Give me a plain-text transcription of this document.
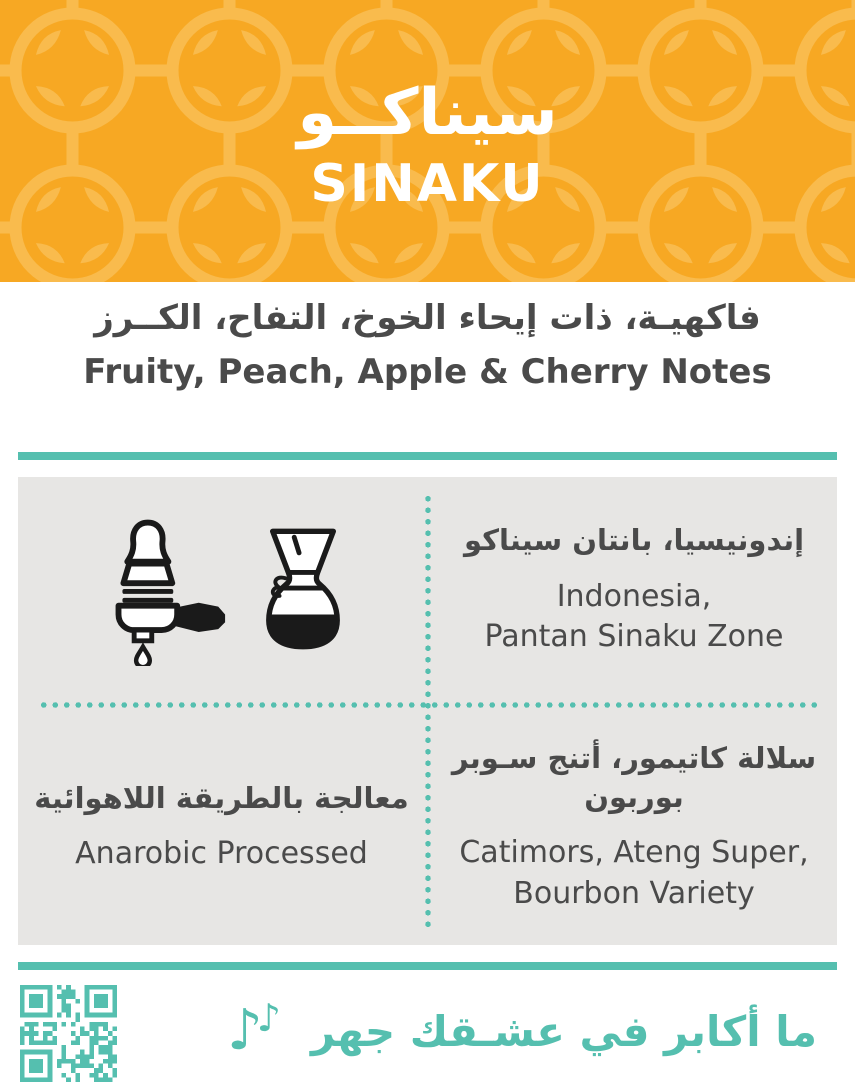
سيناكــو
SINAKU
فاكهيـة، ذات إيحاء الخوخ، التفاح، الكــرز
Fruity, Peach, Apple & Cherry Notes
إندونيسيا، بانتان سيناكو
Indonesia,
Pantan Sinaku Zone
معالجة بالطريقة اللاهوائية
Anarobic Processed
سلالة كاتيمور، أتنج سـوبر
بوربون
Catimors, Ateng Super,
Bourbon Variety
ما أكابر في عشـقك جهر
♪
♪
